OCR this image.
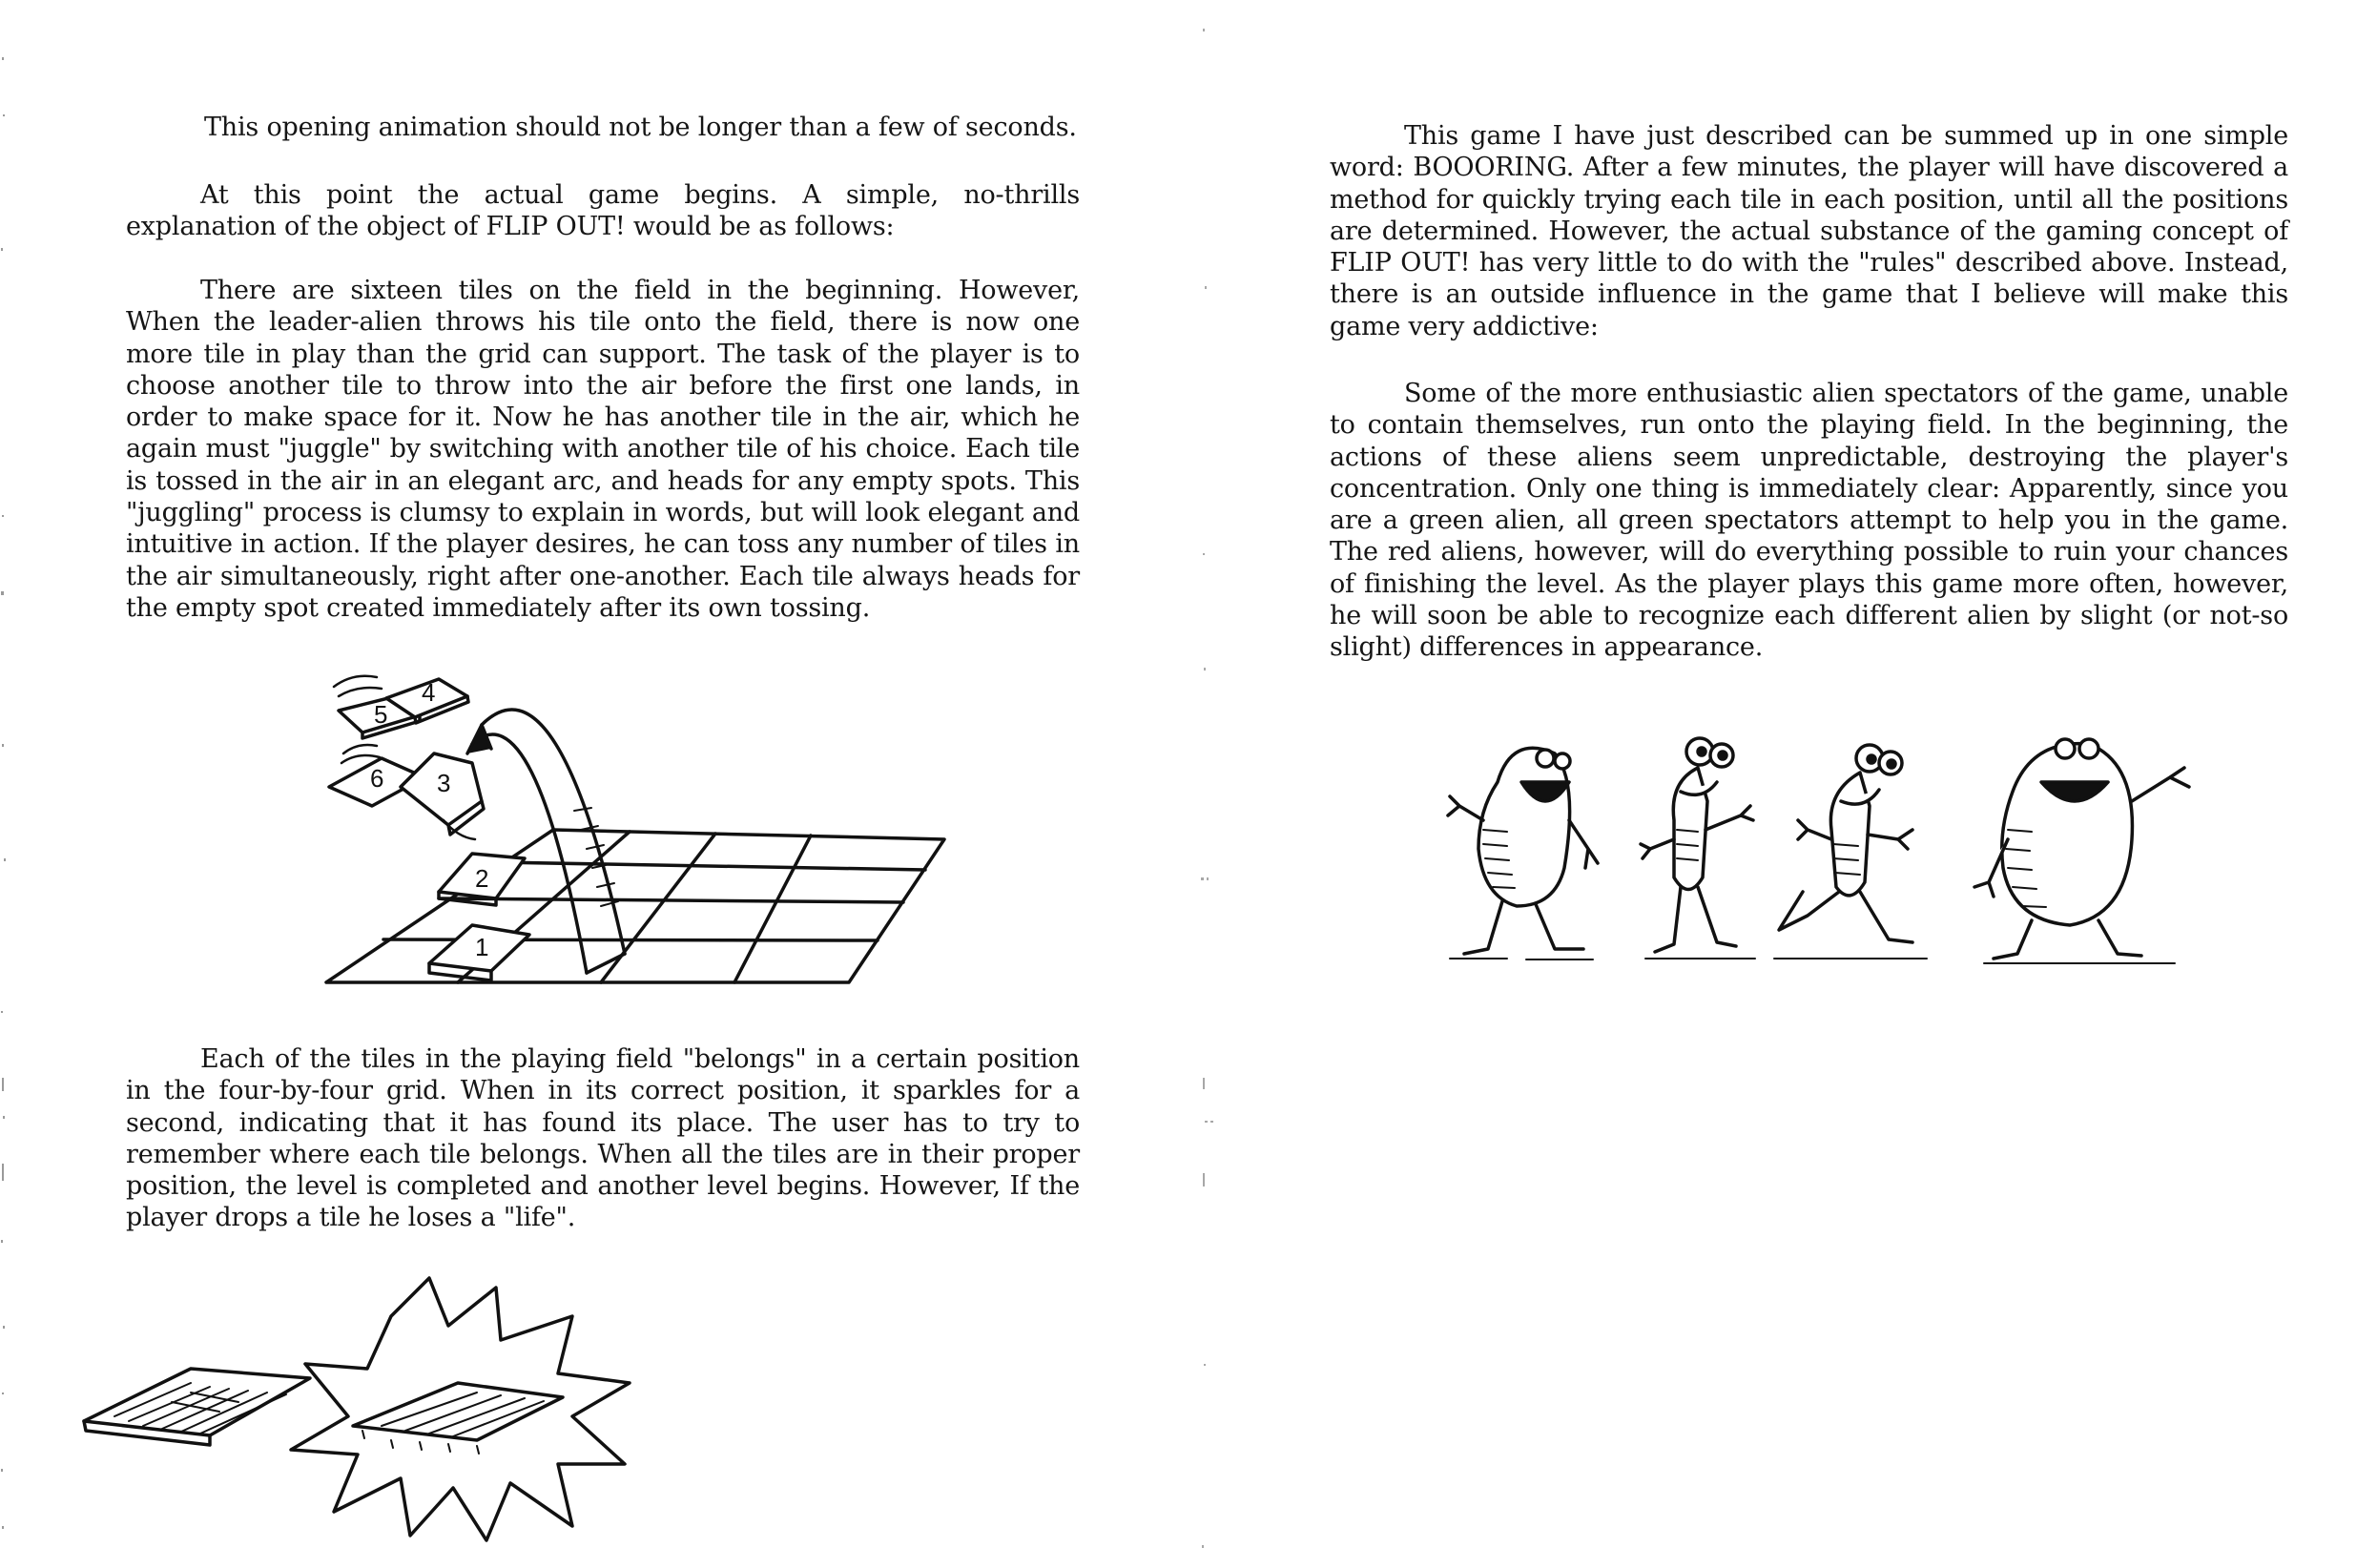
This opening animation should not be longer than a few of seconds.

At this point the actual game begins. A simple, no-thrills explanation of the object of FLIP OUT! would be as follows:

There are sixteen tiles on the field in the beginning. However, When the leader-alien throws his tile onto the field, there is now one more tile in play than the grid can support. The task of the player is to choose another tile to throw into the air before the first one lands, in order to make space for it. Now he has another tile in the air, which he again must "juggle" by switching with another tile of his choice. Each tile is tossed in the air in an elegant arc, and heads for any empty spots. This "juggling" process is clumsy to explain in words, but will look elegant and intuitive in action. If the player desires, he can toss any number of tiles in the air simultaneously, right after one-another. Each tile always heads for the empty spot created immediately after its own tossing.

5
4
6 3
2
1

Each of the tiles in the playing field "belongs" in a certain position in the four-by-four grid. When in its correct position, it sparkles for a second, indicating that it has found its place. The user has to try to remember where each tile belongs. When all the tiles are in their proper position, the level is completed and another level begins. However, If the player drops a tile he loses a "life".

This game I have just described can be summed up in one simple word: BOOORING. After a few minutes, the player will have discovered a method for quickly trying each tile in each position, until all the positions are determined. However, the actual substance of the gaming concept of FLIP OUT! has very little to do with the "rules" described above. Instead, there is an outside influence in the game that I believe will make this game very addictive:

Some of the more enthusiastic alien spectators of the game, unable to contain themselves, run onto the playing field. In the beginning, the actions of these aliens seem unpredictable, destroying the player's concentration. Only one thing is immediately clear: Apparently, since you are a green alien, all green spectators attempt to help you in the game. The red aliens, however, will do everything possible to ruin your chances of finishing the level. As the player plays this game more often, however, he will soon be able to recognize each different alien by slight (or not-so slight) differences in appearance.
